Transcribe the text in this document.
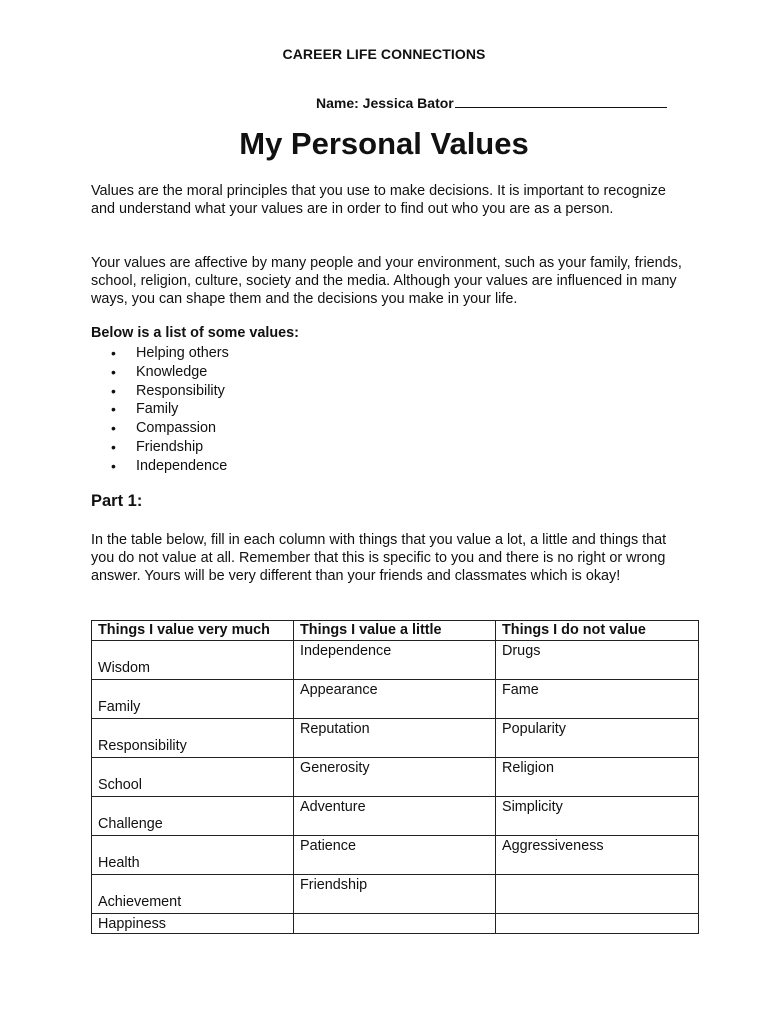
CAREER LIFE CONNECTIONS
Name: Jessica Bator
My Personal Values
Values are the moral principles that you use to make decisions. It is important to recognize and understand what your values are in order to find out who you are as a person.
Your values are affective by many people and your environment, such as your family, friends, school, religion, culture, society and the media. Although your values are influenced in many ways, you can shape them and the decisions you make in your life.
Below is a list of some values:
• Helping others
• Knowledge
• Responsibility
• Family
• Compassion
• Friendship
• Independence
Part 1:
In the table below, fill in each column with things that you value a lot, a little and things that you do not value at all. Remember that this is specific to you and there is no right or wrong answer. Yours will be very different than your friends and classmates which is okay!
Things I value very much	Things I value a little	Things I do not value

Wisdom	Independence	Drugs

Family	Appearance	Fame

Responsibility	Reputation	Popularity

School	Generosity	Religion

Challenge	Adventure	Simplicity

Health	Patience	Aggressiveness

Achievement	Friendship	

Happiness		
